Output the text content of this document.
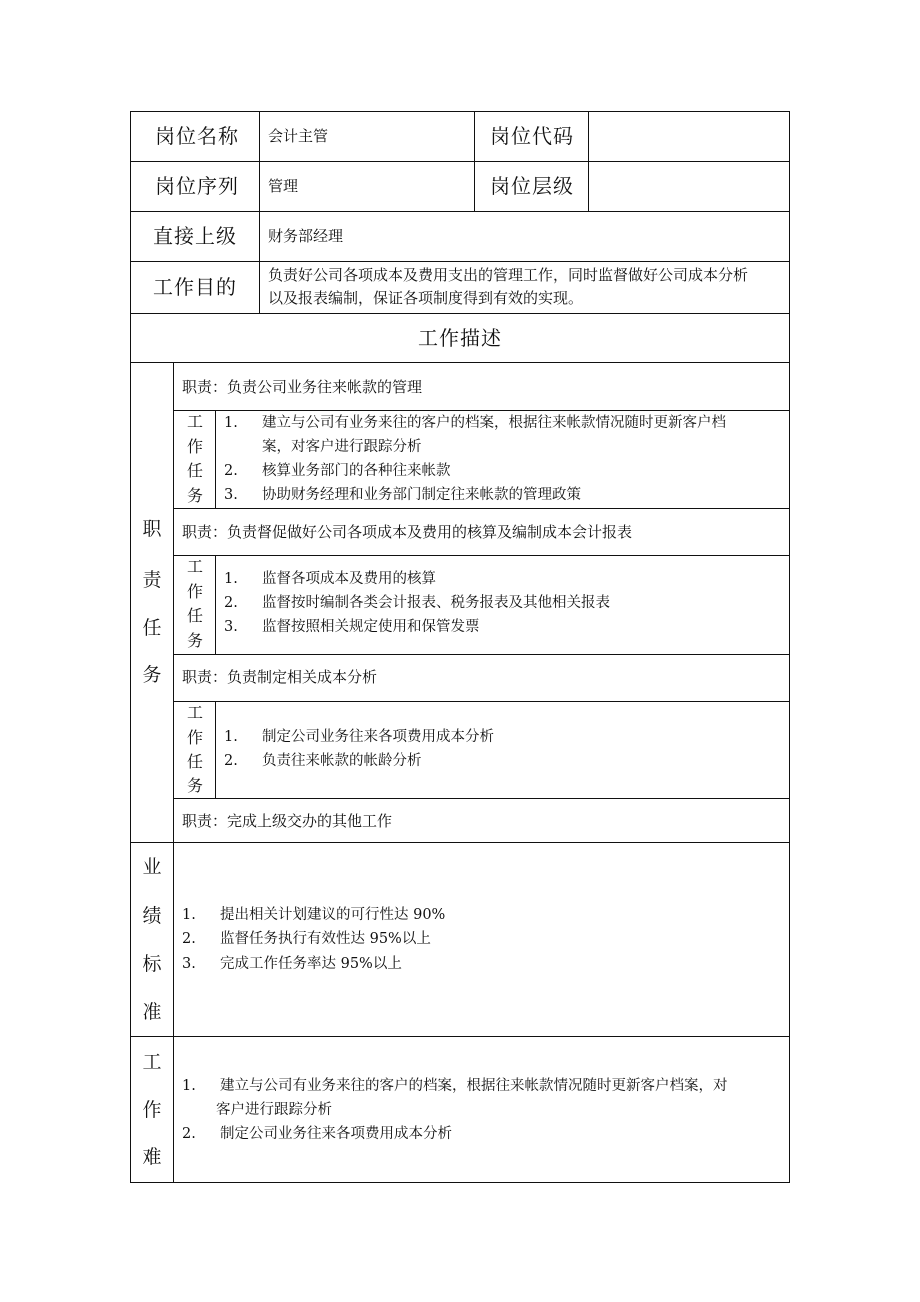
岗位名称 会计主管	岗位代码
岗位序列 管理	岗位层级
直接上级 财务部经理
工作目的 负责好公司各项成本及费用支出的管理工作，同时监督做好公司成本分析
以及报表编制，保证各项制度得到有效的实现。
工作描述
职
责
任
务
职责：负责公司业务往来帐款的管理
工
作
任
务
1. 建立与公司有业务来往的客户的档案，根据往来帐款情况随时更新客户档
案，对客户进行跟踪分析
2. 核算业务部门的各种往来帐款
3. 协助财务经理和业务部门制定往来帐款的管理政策
职责：负责督促做好公司各项成本及费用的核算及编制成本会计报表
工
作
任
务
1. 监督各项成本及费用的核算
2. 监督按时编制各类会计报表、税务报表及其他相关报表
3. 监督按照相关规定使用和保管发票
职责：负责制定相关成本分析
工
作
任
务
1. 制定公司业务往来各项费用成本分析
2. 负责往来帐款的帐龄分析
职责：完成上级交办的其他工作
业
绩
标
准
1. 提出相关计划建议的可行性达 90%
2. 监督任务执行有效性达 95%以上
3. 完成工作任务率达 95%以上
工
作
难
1. 建立与公司有业务来往的客户的档案，根据往来帐款情况随时更新客户档案，对
客户进行跟踪分析
2. 制定公司业务往来各项费用成本分析
